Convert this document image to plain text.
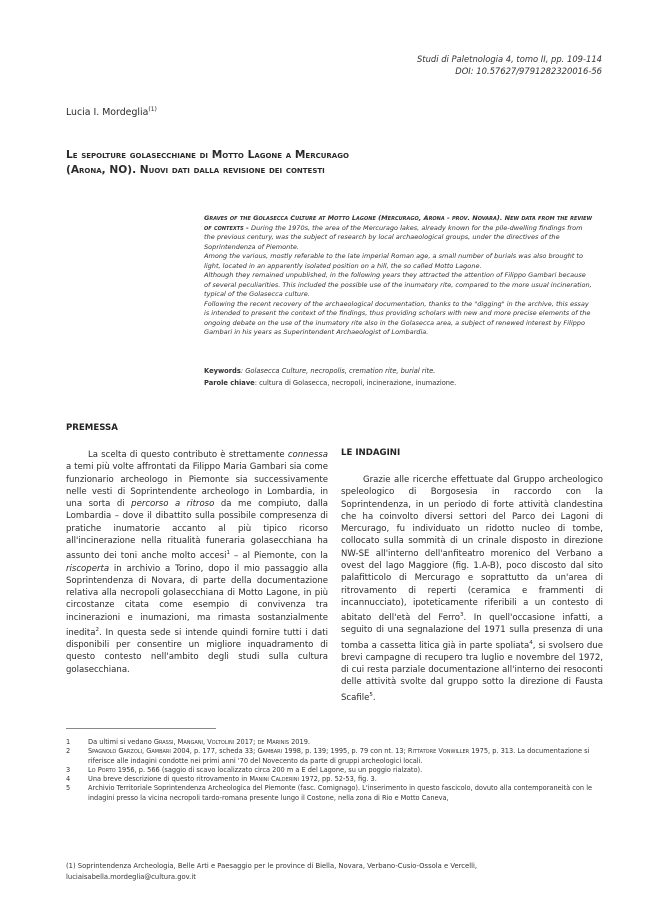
Studi di Paletnologia 4, tomo II, pp. 109-114
DOI: 10.57627/9791282320016-56
Lucia I. Mordeglia$^{(1)}$
Le sepolture golasecchiane di Motto Lagone a Mercurago
(Arona, NO). Nuovi dati dalla revisione dei contesti

Graves of the Golasecca Culture at Motto Lagone (Mercurago, Arona - prov. Novara). New data from the review of contexts - During the 1970s, the area of the Mercurago lakes, already known for the pile-dwelling findings from the previous century, was the subject of research by local archaeological groups, under the directives of the Soprintendenza of Piemonte.

Among the various, mostly referable to the late imperial Roman age, a small number of burials was also brought to light, located in an apparently isolated position on a hill, the so called Motto Lagone.

Although they remained unpublished, in the following years they attracted the attention of Filippo Gambari because of several peculiarities. This included the possible use of the inumatory rite, compared to the more usual incineration, typical of the Golasecca culture.

Following the recent recovery of the archaeological documentation, thanks to the "digging" in the archive, this essay is intended to present the context of the findings, thus providing scholars with new and more precise elements of the ongoing debate on the use of the inumatory rite also in the Golasecca area, a subject of renewed interest by Filippo Gambari in his years as Superintendent Archaeologist of Lombardia.

Keywords: Golasecca Culture, necropolis, cremation rite, burial rite.
Parole chiave: cultura di Golasecca, necropoli, incinerazione, inumazione.
PREMESSA

La scelta di questo contributo è strettamente connessa a temi più volte affrontati da Filippo Maria Gambari sia come funzionario archeologo in Piemonte sia successivamente nelle vesti di Soprintendente archeologo in Lombardia, in una sorta di percorso a ritroso da me compiuto, dalla Lombardia – dove il dibattito sulla possibile compresenza di pratiche inumatorie accanto al più tipico ricorso all'incinerazione nella ritualità funeraria golasecchiana ha assunto dei toni anche molto accesi$^1$ – al Piemonte, con la riscoperta in archivio a Torino, dopo il mio passaggio alla Soprintendenza di Novara, di parte della documentazione relativa alla necropoli golasecchiana di Motto Lagone, in più circostanze citata come esempio di convivenza tra incinerazioni e inumazioni, ma rimasta sostanzialmente inedita$^2$. In questa sede si intende quindi fornire tutti i dati disponibili per consentire un migliore inquadramento di questo contesto nell'ambito degli studi sulla cultura golasecchiana.

LE INDAGINI

Grazie alle ricerche effettuate dal Gruppo archeologico speleologico di Borgosesia in raccordo con la Soprintendenza, in un periodo di forte attività clandestina che ha coinvolto diversi settori del Parco dei Lagoni di Mercurago, fu individuato un ridotto nucleo di tombe, collocato sulla sommità di un crinale disposto in direzione NW-SE all'interno dell'anfiteatro morenico del Verbano a ovest del lago Maggiore (fig. 1.A-B), poco discosto dal sito palafitticolo di Mercurago e soprattutto da un'area di ritrovamento di reperti (ceramica e frammenti di incannucciato), ipoteticamente riferibili a un contesto di abitato dell'età del Ferro$^3$. In quell'occasione infatti, a seguito di una segnalazione del 1971 sulla presenza di una tomba a cassetta litica già in parte spoliata$^4$, si svolsero due brevi campagne di recupero tra luglio e novembre del 1972, di cui resta parziale documentazione all'interno dei resoconti delle attività svolte dal gruppo sotto la direzione di Fausta Scafile$^5$.

1	Da ultimi si vedano Grassi, Mangani, Voltolini 2017; de Marinis 2019.
2	Spagnolo Garzoli, Gambari 2004, p. 177, scheda 33; Gambari 1998, p. 139; 1995, p. 79 con nt. 13; Rittatore Vonwiller 1975, p. 313. La documentazione si riferisce alle indagini condotte nei primi anni '70 del Novecento da parte di gruppi archeologici locali.
3	Lo Porto 1956, p. 566 (saggio di scavo localizzato circa 200 m a E del Lagone, su un poggio rialzato).
4	Una breve descrizione di questo ritrovamento in Manini Calderini 1972, pp. 52-53, fig. 3.
5	Archivio Territoriale Soprintendenza Archeologica del Piemonte (fasc. Comignago). L'inserimento in questo fascicolo, dovuto alla contemporaneità con le indagini presso la vicina necropoli tardo-romana presente lungo il Costone, nella zona di Rio e Motto Caneva,
(1) Soprintendenza Archeologia, Belle Arti e Paesaggio per le province di Biella, Novara, Verbano-Cusio-Ossola e Vercelli, luciaisabella.mordeglia@cultura.gov.it
